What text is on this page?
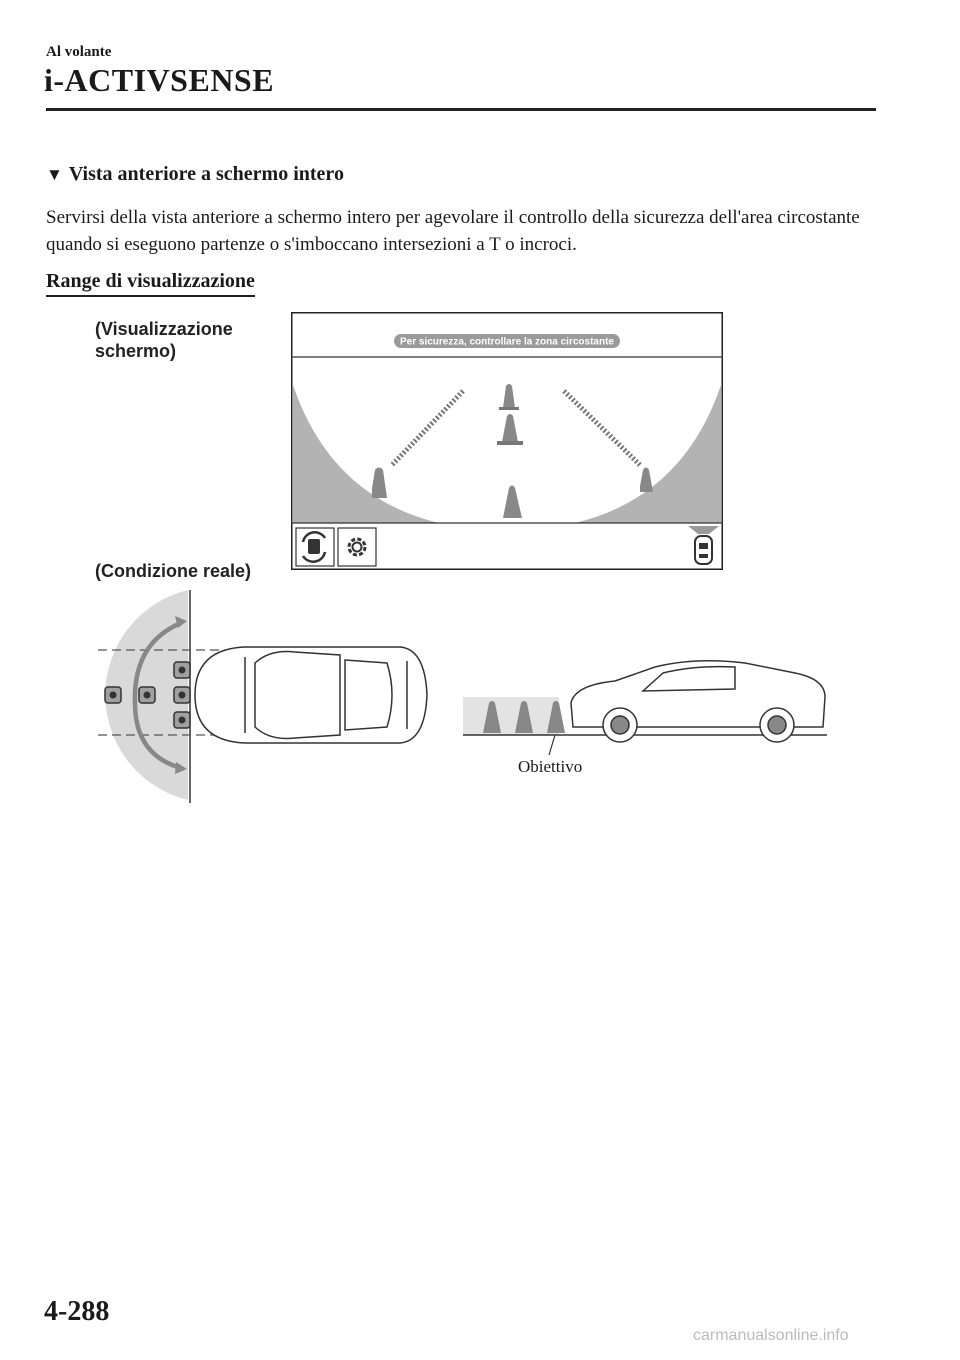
Al volante
i-ACTIVSENSE
▼ Vista anteriore a schermo intero
Servirsi della vista anteriore a schermo intero per agevolare il controllo della sicurezza dell'area circostante quando si eseguono partenze o s'imboccano intersezioni a T o incroci.
Range di visualizzazione
(Visualizzazione schermo)
(Condizione reale)
Per sicurezza, controllare la zona circostante
Obiettivo
4-288
carmanualsonline.info
